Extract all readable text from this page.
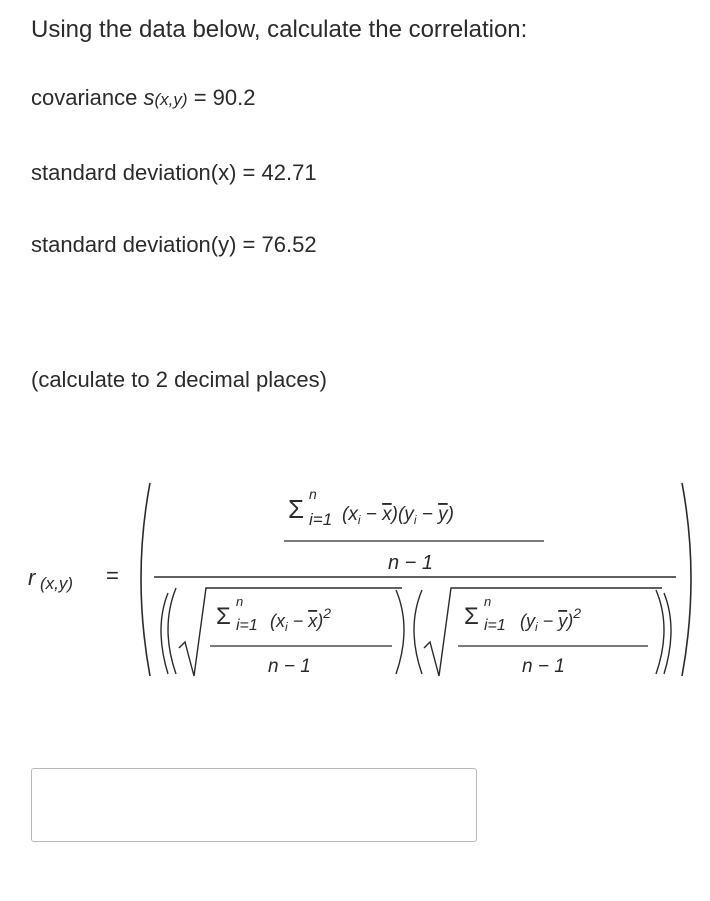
Using the data below, calculate the correlation:
covariance s(x,y) = 90.2
standard deviation(x) = 42.71
standard deviation(y) = 76.52
(calculate to 2 decimal places)
r (x,y) =
Σ n
i=1 $(x_i - x)(y_i - y)$
n − 1
Σ
n
i=1 $(x_i - x)^2$
n − 1
Σ
n
i=1 $(y_i - y)^2$
n − 1
